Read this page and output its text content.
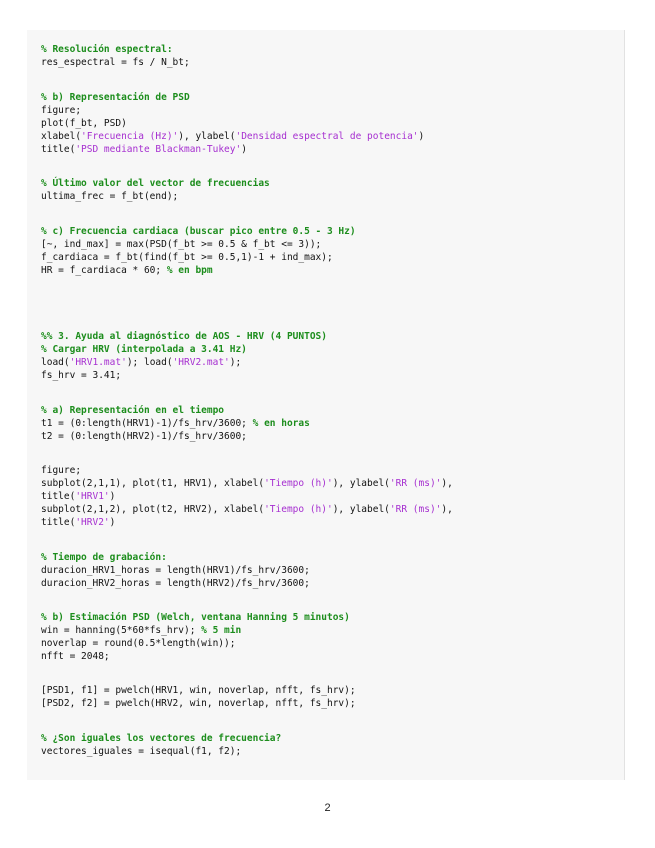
% Resolución espectral:
res_espectral = fs / N_bt;
% b) Representación de PSD
figure;
plot(f_bt, PSD)
xlabel('Frecuencia (Hz)'), ylabel('Densidad espectral de potencia')
title('PSD mediante Blackman-Tukey')
% Último valor del vector de frecuencias
ultima_frec = f_bt(end);
% c) Frecuencia cardiaca (buscar pico entre 0.5 - 3 Hz)
[~, ind_max] = max(PSD(f_bt >= 0.5 & f_bt <= 3));
f_cardiaca = f_bt(find(f_bt >= 0.5,1)-1 + ind_max);
HR = f_cardiaca * 60; % en bpm
%% 3. Ayuda al diagnóstico de AOS - HRV (4 PUNTOS)
% Cargar HRV (interpolada a 3.41 Hz)
load('HRV1.mat'); load('HRV2.mat');
fs_hrv = 3.41;
% a) Representación en el tiempo
t1 = (0:length(HRV1)-1)/fs_hrv/3600; % en horas
t2 = (0:length(HRV2)-1)/fs_hrv/3600;
figure;
subplot(2,1,1), plot(t1, HRV1), xlabel('Tiempo (h)'), ylabel('RR (ms)'),
title('HRV1')
subplot(2,1,2), plot(t2, HRV2), xlabel('Tiempo (h)'), ylabel('RR (ms)'),
title('HRV2')
% Tiempo de grabación:
duracion_HRV1_horas = length(HRV1)/fs_hrv/3600;
duracion_HRV2_horas = length(HRV2)/fs_hrv/3600;
% b) Estimación PSD (Welch, ventana Hanning 5 minutos)
win = hanning(5*60*fs_hrv); % 5 min
noverlap = round(0.5*length(win));
nfft = 2048;
[PSD1, f1] = pwelch(HRV1, win, noverlap, nfft, fs_hrv);
[PSD2, f2] = pwelch(HRV2, win, noverlap, nfft, fs_hrv);
% ¿Son iguales los vectores de frecuencia?
vectores_iguales = isequal(f1, f2);
2
